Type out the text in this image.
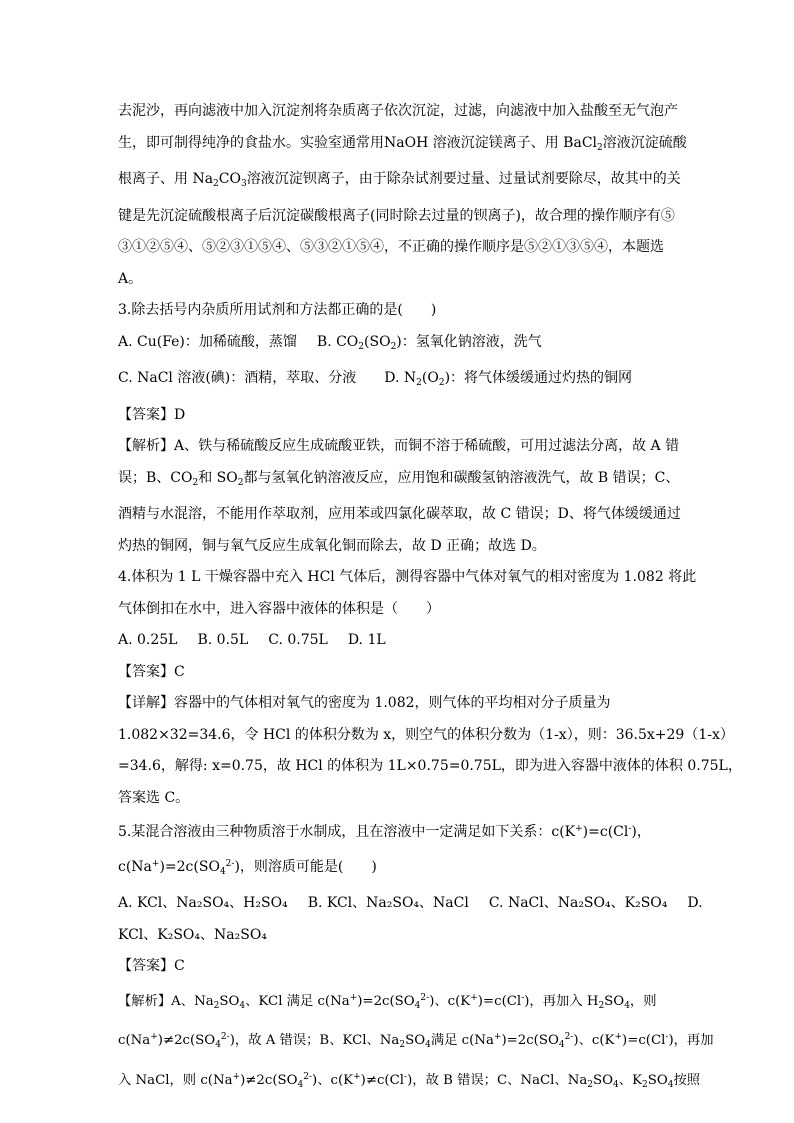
去泥沙，再向滤液中加入沉淀剂将杂质离子依次沉淀，过滤，向滤液中加入盐酸至无气泡产
生，即可制得纯净的食盐水。实验室通常用NaOH 溶液沉淀镁离子、用 BaCl$_2$溶液沉淀硫酸
根离子、用 $Na_2CO_3$溶液沉淀钡离子，由于除杂试剂要过量、过量试剂要除尽，故其中的关
键是先沉淀硫酸根离子后沉淀碳酸根离子(同时除去过量的钡离子)，故合理的操作顺序有⑤
③①②⑤④、⑤②③①⑤④、⑤③②①⑤④，不正确的操作顺序是⑤②①③⑤④，本题选
A。
3.除去括号内杂质所用试剂和方法都正确的是(　　)
A. Cu(Fe)：加稀硫酸，蒸馏 B. $CO_2(SO_2)$：氢氧化钠溶液，洗气
C. NaCl 溶液(碘)：酒精，萃取、分液 D. $N_2(O_2)$：将气体缓缓通过灼热的铜网
【答案】D
【解析】A、铁与稀硫酸反应生成硫酸亚铁，而铜不溶于稀硫酸，可用过滤法分离，故 A 错
误；B、$CO_2$和 $SO_2$都与氢氧化钠溶液反应，应用饱和碳酸氢钠溶液洗气，故 B 错误；C、
酒精与水混溶，不能用作萃取剂，应用苯或四氯化碳萃取，故 C 错误；D、将气体缓缓通过
灼热的铜网，铜与氧气反应生成氧化铜而除去，故 D 正确；故选 D。
4.体积为 1 L 干燥容器中充入 HCl 气体后，测得容器中气体对氧气的相对密度为 1.082 将此
气体倒扣在水中，进入容器中液体的体积是（　　）
A. 0.25L B. 0.5L C. 0.75L D. 1L
【答案】C
【详解】容器中的气体相对氧气的密度为 1.082，则气体的平均相对分子质量为
1.082×32=34.6，令 HCl 的体积分数为 x，则空气的体积分数为（1-x），则：36.5x+29（1-x）
=34.6，解得: x=0.75，故 HCl 的体积为 1L×0.75=0.75L，即为进入容器中液体的体积 0.75L，
答案选 C。
5.某混合溶液由三种物质溶于水制成，且在溶液中一定满足如下关系：c(K+)=c(Cl-)，
$c(Na^+)=2c(SO_4^{2-})$，则溶质可能是(　　)
A. KCl、Na₂SO₄、H₂SO₄ B. KCl、Na₂SO₄、NaCl C. NaCl、Na₂SO₄、K₂SO₄ D.
KCl、K₂SO₄、Na₂SO₄
【答案】C
【解析】A、$Na_2SO_4$、KCl 满足 $c(Na^+)=2c(SO_4^{2-})$、c(K+)=c(Cl-)，再加入 $H_2SO_4$，则
$c(Na^+)\ne 2c(SO_4^{2-})$，故 A 错误；B、KCl、$Na_2SO_4$满足 $c(Na^+)=2c(SO_4^{2-})$、c(K+)=c(Cl-)，再加
入 NaCl，则 $c(Na^+)\ne 2c(SO_4^{2-})$、c(K+)≠c(Cl-)，故 B 错误；C、NaCl、$Na_2SO_4$、$K_2SO_4$按照
